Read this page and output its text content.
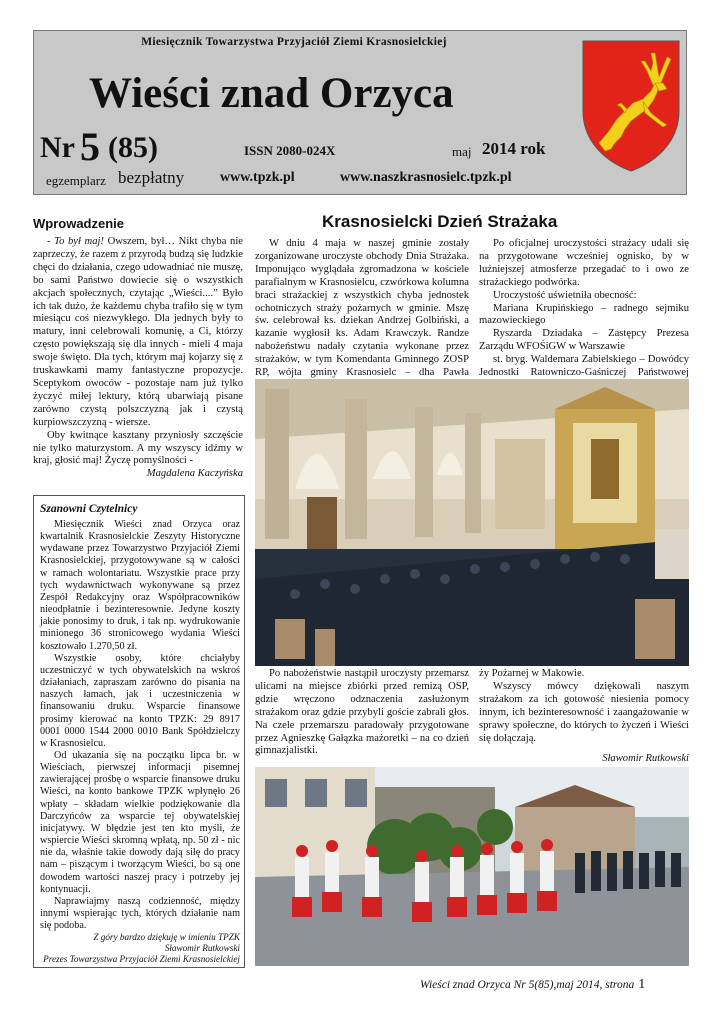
Miesięcznik Towarzystwa Przyjaciół Ziemi Krasnosielckiej
Wieści znad Orzyca
Nr 5 (85)	ISSN 2080-024X	maj 2014 rok
egzemplarz bezpłatny	www.tpzk.pl	www.naszkrasnosielc.tpzk.pl
Wprowadzenie

- To był maj! Owszem, był… Nikt chyba nie zaprzeczy, że razem z przyrodą budzą się ludzkie chęci do działania, czego udowadniać nie muszę, bo sami Państwo dowiecie się o wszystkich akcjach społecznych, czytając „Wieści....” Było ich tak dużo, że każdemu chyba trafiło się w tym miesiącu coś niezwykłego. Dla jednych były to matury, inni celebrowali komunię, a Ci, którzy często powiększają się dla innych - mieli 4 maja swoje święto. Dla tych, którym maj kojarzy się z truskawkami mamy fantastyczne propozycje. Sceptykom owoców - pozostaje nam już tylko życzyć miłej lektury, którą ubarwiają pisane zarówno czystą polszczyzną jak i czystą kurpiowszczyzną - wiersze.

Oby kwitnące kasztany przyniosły szczęście nie tylko maturzystom. A my wszyscy idźmy w kraj, głosić maj! Życzę pomyślności -

Magdalena Kaczyńska

Szanowni Czytelnicy

Miesięcznik Wieści znad Orzyca oraz kwartalnik Krasnosielckie Zeszyty Historyczne wydawane przez Towarzystwo Przyjaciół Ziemi Krasnosielckiej, przygotowywane są w całości w ramach wolontariatu. Wszystkie prace przy tych wydawnictwach wykonywane są przez Zespół Redakcyjny oraz Współpracowników nieodpłatnie i bezinteresownie. Jedyne koszty jakie ponosimy to druk, i tak np. wydrukowanie minionego 36 stronicowego wydania Wieści kosztowało 1.270,50 zł.

Wszystkie osoby, które chciałyby uczestniczyć w tych obywatelskich na wskroś działaniach, zapraszam zarówno do pisania na naszych łamach, jak i uczestniczenia w finansowaniu druku. Wsparcie finansowe prosimy kierować na konto TPZK: 29 8917 0001 0000 1544 2000 0010 Bank Spółdzielczy w Krasnosielcu.

Od ukazania się na początku lipca br. w Wieściach, pierwszej informacji pisemnej zawierającej prośbę o wsparcie finansowe druku Wieści, na konto bankowe TPZK wpłynęło 26 wpłaty – składam wielkie podziękowanie dla Darczyńców za wsparcie tej obywatelskiej inicjatywy. W błędzie jest ten kto myśli, że wspiercie Wieści skromną wpłatą, np. 50 zł - nic nie da, właśnie takie dowody dają siłę do pracy nam – piszącym i tworzącym Wieści, bo są one dowodem wartości naszej pracy i potrzeby jej kontynuacji.

Naprawiajmy naszą codzienność, między innymi wspierając tych, których działanie nam się podoba.

Z góry bardzo dziękuję w imieniu TPZK
Sławomir Rutkowski
Prezes Towarzystwa Przyjaciół Ziemi Krasnosielckiej
Krasnosielcki Dzień Strażaka

W dniu 4 maja w naszej gminie zostały zorganizowane uroczyste obchody Dnia Strażaka. Imponująco wyglądała zgromadzona w kościele parafialnym w Krasnosielcu, czwórkowa kolumna braci strażackiej z wszystkich chyba jednostek ochotniczych straży pożarnych w gminie. Mszę św. celebrował ks. dziekan Andrzej Golbiński, a kazanie wygłosił ks. Adam Krawczyk. Randze nabożeństwu nadały czytania wykonane przez strażaków, w tym Komendanta Gminnego ZOSP RP, wójta gminy Krasnosielc – dha Pawła

Po oficjalnej uroczystości strażacy udali się na przygotowane wcześniej ognisko, by w luźniejszej atmosferze przegadać to i owo ze strażackiego podwórka.

Uroczystość uświetniła obecność:

Mariana Krupińskiego – radnego sejmiku mazowieckiego

Ryszarda Dziadaka – Zastępcy Prezesa Zarządu WFOŚiGW w Warszawie

st. bryg. Waldemara Zabielskiego – Dowódcy Jednostki Ratowniczo-Gaśniczej Państwowej

Po nabożeństwie nastąpił uroczysty przemarsz ulicami na miejsce zbiórki przed remizą OSP, gdzie wręczono odznaczenia zasłużonym strażakom oraz gdzie przybyli goście zabrali głos. Na czele przemarszu paradowały przygotowane przez Agnieszkę Gałązka mażoretki – na co dzień gimnazjalistki.

ży Pożarnej w Makowie.

Wszyscy mówcy dziękowali naszym strażakom za ich gotowość niesienia pomocy innym, ich bezinteresowność i zaangażowanie w sprawy społeczne, do których to życzeń i Wieści się dołączają.

Sławomir Rutkowski

Wieści znad Orzyca Nr 5(85),maj 2014, strona 1
